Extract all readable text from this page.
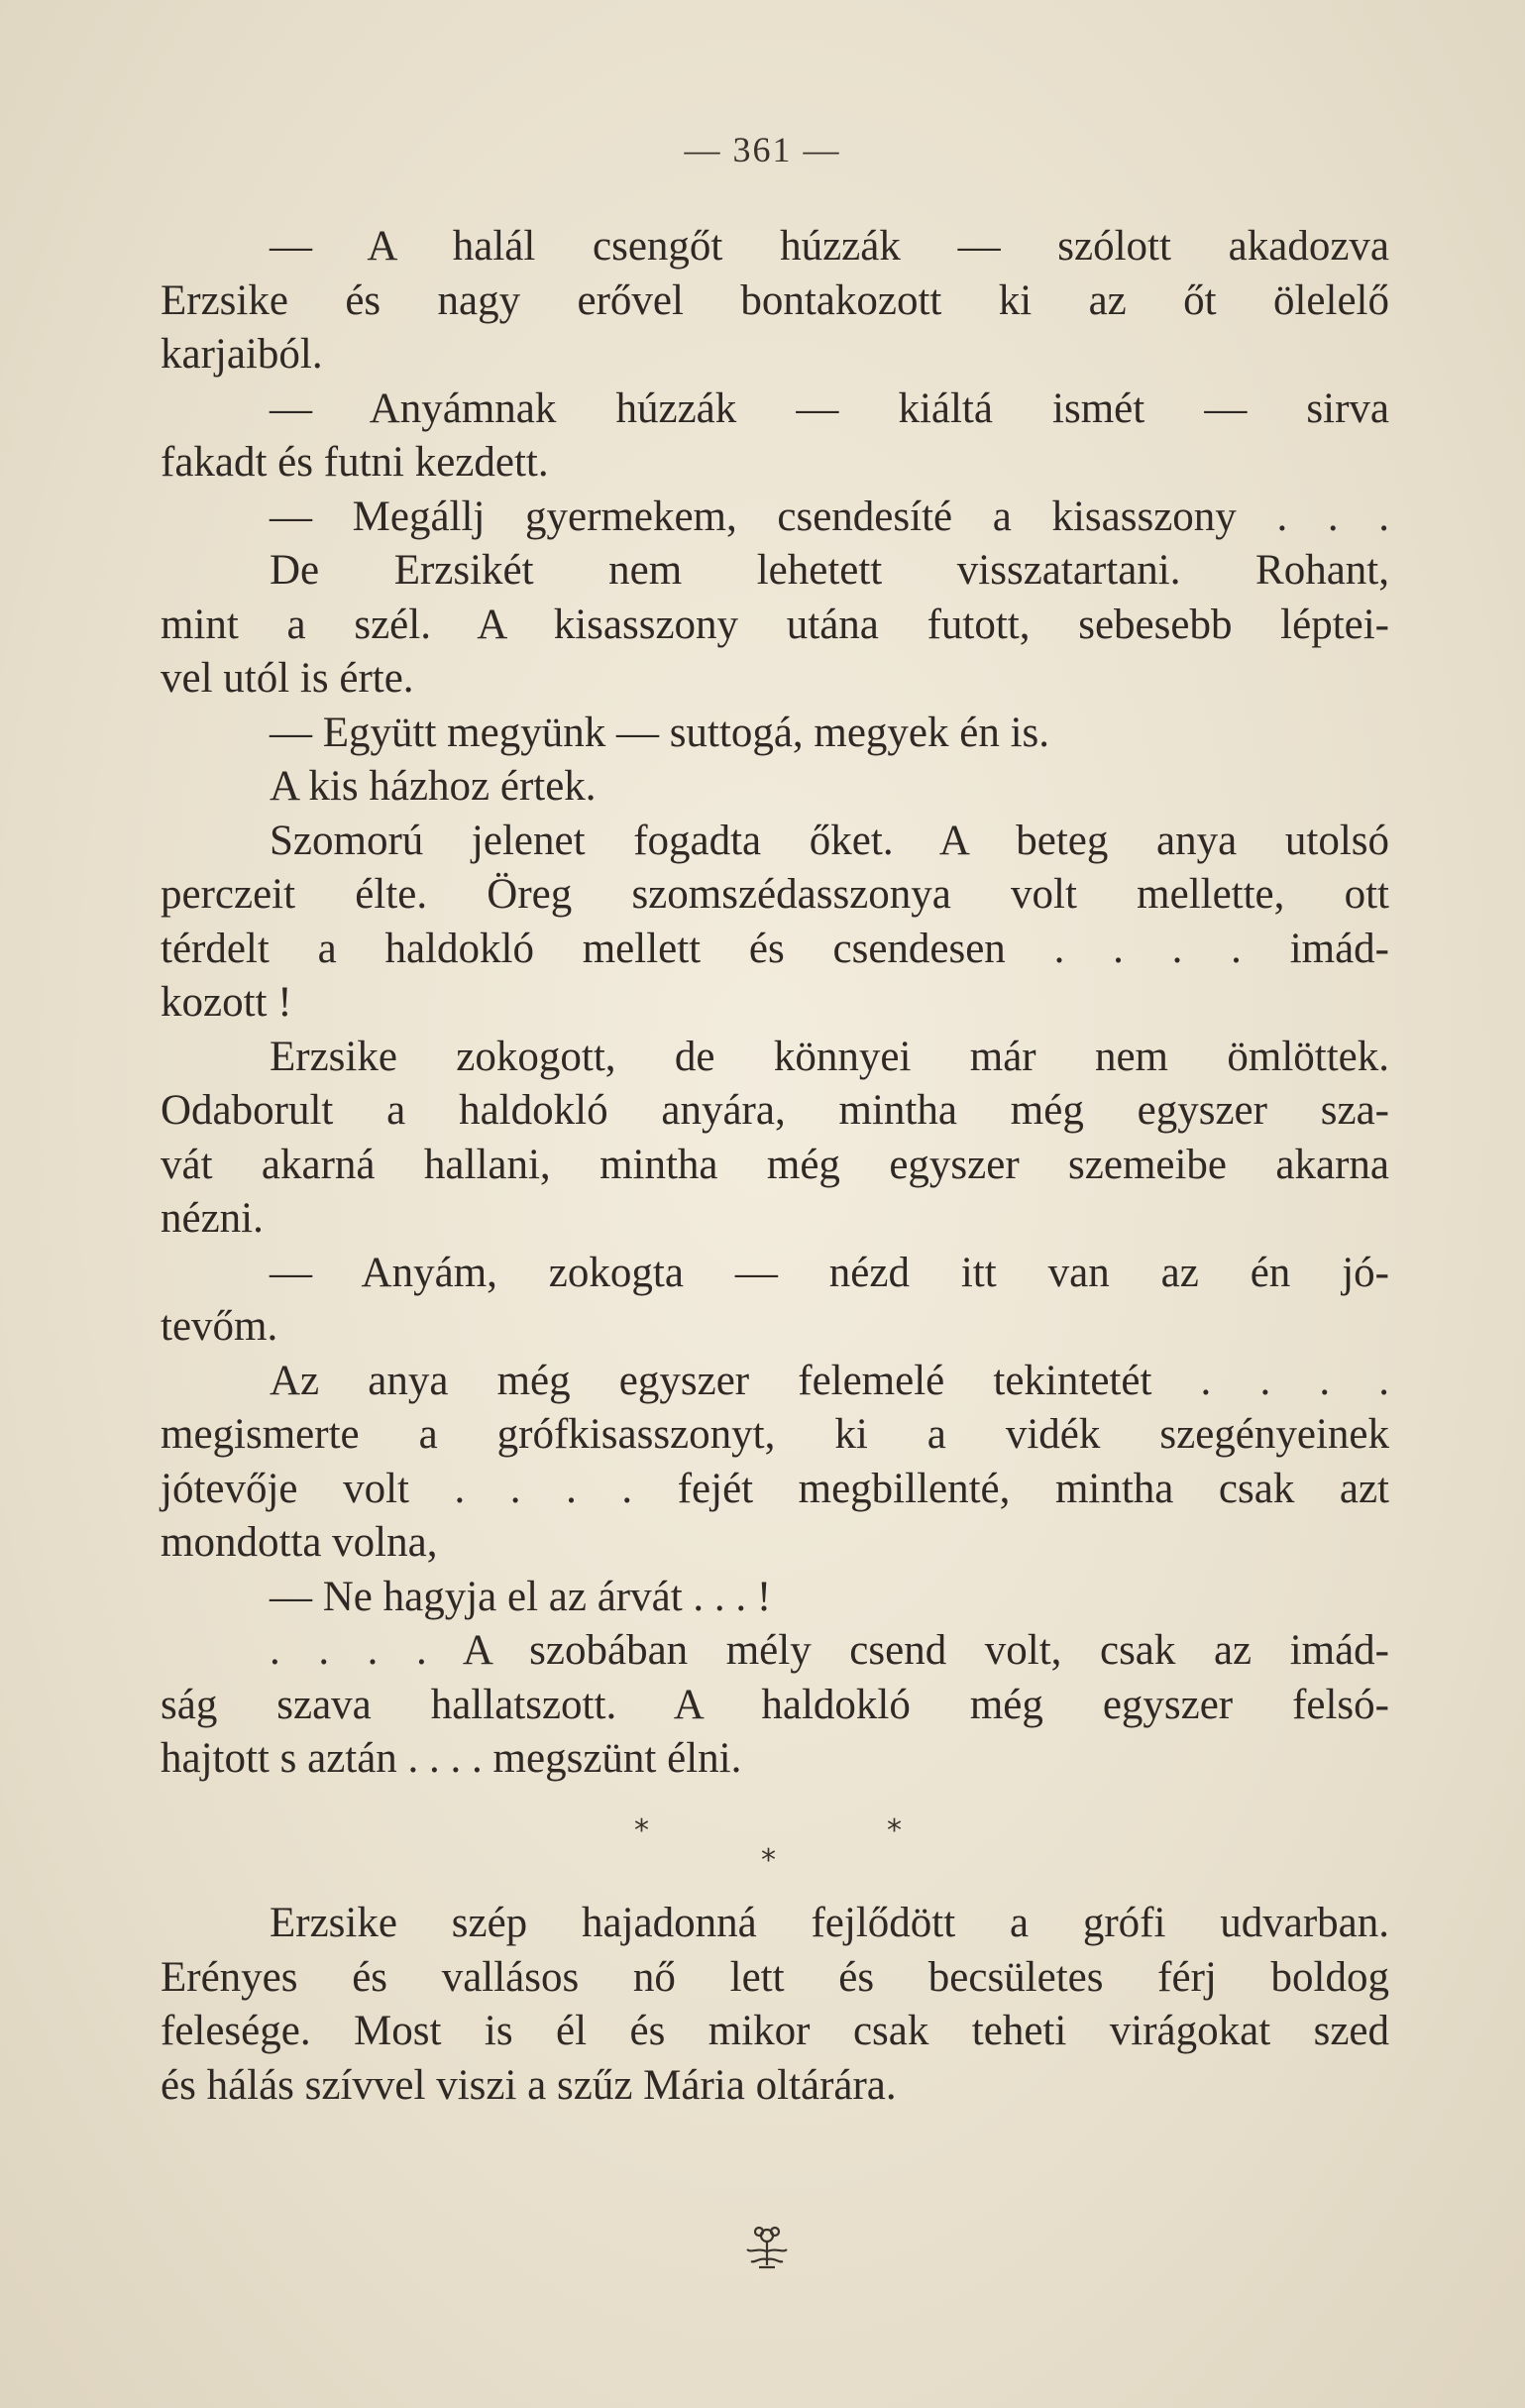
— 361 —
— A halál csengőt húzzák — szólott akadozva
Erzsike és nagy erővel bontakozott ki az őt ölelelő
karjaiból.
— Anyámnak húzzák — kiáltá ismét — sirva
fakadt és futni kezdett.
— Megállj gyermekem, csendesíté a kisasszony . . .
De Erzsikét nem lehetett visszatartani. Rohant,
mint a szél. A kisasszony utána futott, sebesebb léptei-
vel utól is érte.
— Együtt megyünk — suttogá, megyek én is.
A kis házhoz értek.
Szomorú jelenet fogadta őket. A beteg anya utolsó
perczeit élte. Öreg szomszédasszonya volt mellette, ott
térdelt a haldokló mellett és csendesen . . . . imád-
kozott !
Erzsike zokogott, de könnyei már nem ömlöttek.
Odaborult a haldokló anyára, mintha még egyszer sza-
vát akarná hallani, mintha még egyszer szemeibe akarna
nézni.
— Anyám, zokogta — nézd itt van az én jó-
tevőm.
Az anya még egyszer felemelé tekintetét . . . .
megismerte a grófkisasszonyt, ki a vidék szegényeinek
jótevője volt . . . . fejét megbillenté, mintha csak azt
mondotta volna,
— Ne hagyja el az árvát . . . !
. . . . A szobában mély csend volt, csak az imád-
ság szava hallatszott. A haldokló még egyszer felsó-
hajtott s aztán . . . . megszünt élni.
*	*
*
Erzsike szép hajadonná fejlődött a grófi udvarban.
Erényes és vallásos nő lett és becsületes férj boldog
felesége. Most is él és mikor csak teheti virágokat szed
és hálás szívvel viszi a szűz Mária oltárára.
